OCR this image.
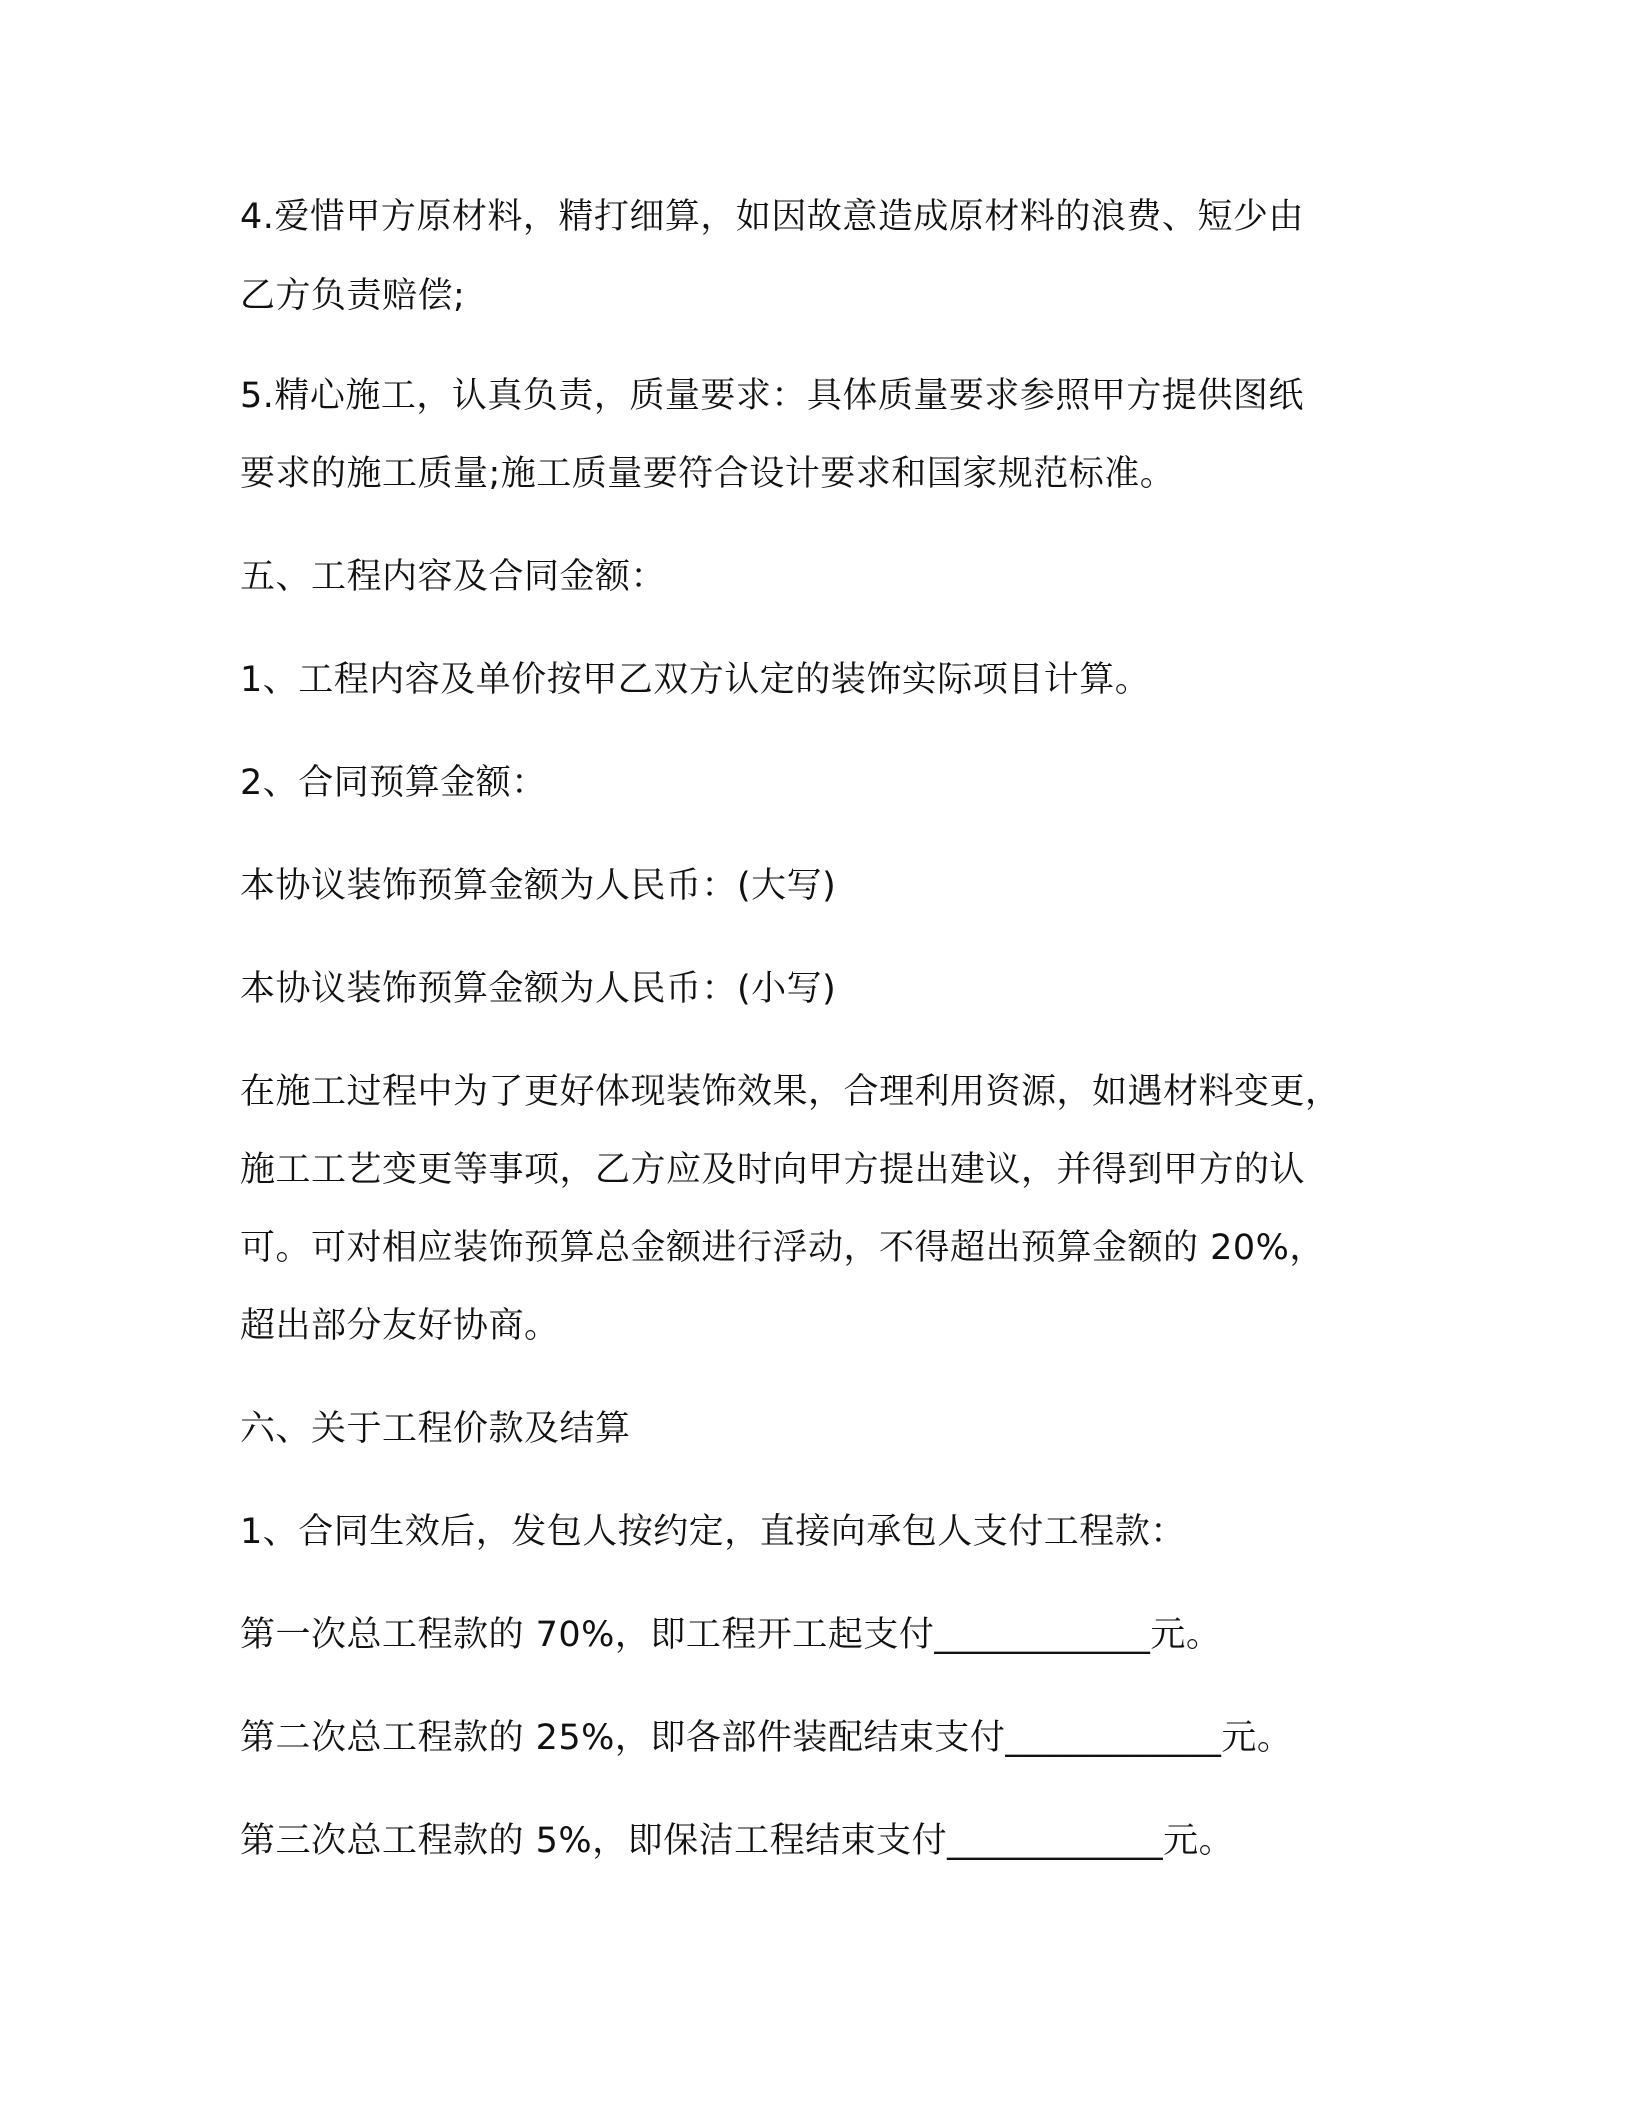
4.爱惜甲方原材料，精打细算，如因故意造成原材料的浪费、短少由
乙方负责赔偿;
5.精心施工，认真负责，质量要求：具体质量要求参照甲方提供图纸
要求的施工质量;施工质量要符合设计要求和国家规范标准。
五、工程内容及合同金额：
1、工程内容及单价按甲乙双方认定的装饰实际项目计算。
2、合同预算金额：
本协议装饰预算金额为人民币：(大写)
本协议装饰预算金额为人民币：(小写)
在施工过程中为了更好体现装饰效果，合理利用资源，如遇材料变更，
施工工艺变更等事项，乙方应及时向甲方提出建议，并得到甲方的认
可。可对相应装饰预算总金额进行浮动，不得超出预算金额的 20%，
超出部分友好协商。
六、关于工程价款及结算
1、合同生效后，发包人按约定，直接向承包人支付工程款：
第一次总工程款的 70%，即工程开工起支付____________元。
第二次总工程款的 25%，即各部件装配结束支付____________元。
第三次总工程款的 5%，即保洁工程结束支付____________元。
